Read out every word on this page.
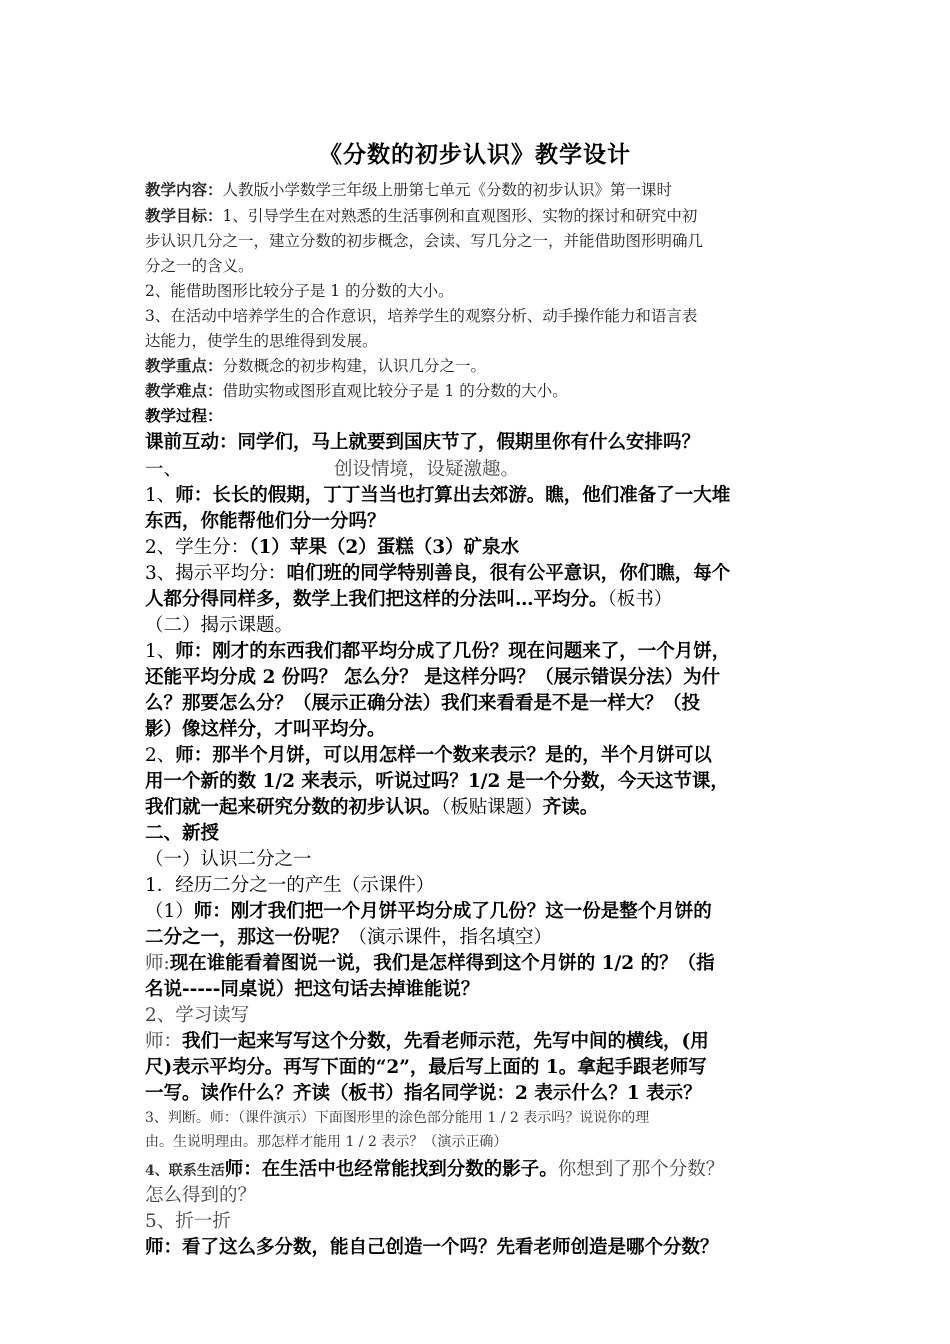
《分数的初步认识》教学设计
教学内容：人教版小学数学三年级上册第七单元《分数的初步认识》第一课时
教学目标：1、引导学生在对熟悉的生活事例和直观图形、实物的探讨和研究中初
步认识几分之一，建立分数的初步概念，会读、写几分之一，并能借助图形明确几
分之一的含义。
2、能借助图形比较分子是 1 的分数的大小。
3、在活动中培养学生的合作意识，培养学生的观察分析、动手操作能力和语言表
达能力，使学生的思维得到发展。
教学重点：分数概念的初步构建，认识几分之一。
教学难点：借助实物或图形直观比较分子是 1 的分数的大小。
教学过程：
课前互动：同学们，马上就要到国庆节了，假期里你有什么安排吗？
一、	创设情境，设疑激趣。
1、师：长长的假期，丁丁当当也打算出去郊游。瞧，他们准备了一大堆
东西，你能帮他们分一分吗？
2、学生分：（1）苹果（2）蛋糕（3）矿泉水
3、揭示平均分：咱们班的同学特别善良，很有公平意识，你们瞧，每个
人都分得同样多，数学上我们把这样的分法叫…平均分。（板书）
（二）揭示课题。
1、师：刚才的东西我们都平均分成了几份？现在问题来了，一个月饼，
还能平均分成 2 份吗？ 怎么分？ 是这样分吗？（展示错误分法）为什
么？那要怎么分？（展示正确分法）我们来看看是不是一样大？（投
影）像这样分，才叫平均分。
2、师：那半个月饼，可以用怎样一个数来表示？是的，半个月饼可以
用一个新的数 1/2 来表示，听说过吗？1/2 是一个分数，今天这节课，
我们就一起来研究分数的初步认识。（板贴课题）齐读。
二、新授
（一）认识二分之一
1．经历二分之一的产生（示课件）
（1）师：刚才我们把一个月饼平均分成了几份？这一份是整个月饼的
二分之一，那这一份呢？（演示课件，指名填空）
师:现在谁能看着图说一说，我们是怎样得到这个月饼的 1/2 的？（指
名说-----同桌说）把这句话去掉谁能说？
2、学习读写
师：我们一起来写写这个分数，先看老师示范，先写中间的横线，(用
尺)表示平均分。再写下面的“2”，最后写上面的 1。拿起手跟老师写
一写。读作什么？齐读（板书）指名同学说：2 表示什么？1 表示？
3、判断。师：（课件演示）下面图形里的涂色部分能用 1 / 2 表示吗？说说你的理
由。生说明理由。那怎样才能用 1 / 2 表示？（演示正确）
4、联系生活师：在生活中也经常能找到分数的影子。你想到了那个分数？
怎么得到的？
5、折一折
师：看了这么多分数，能自己创造一个吗？先看老师创造是哪个分数？
